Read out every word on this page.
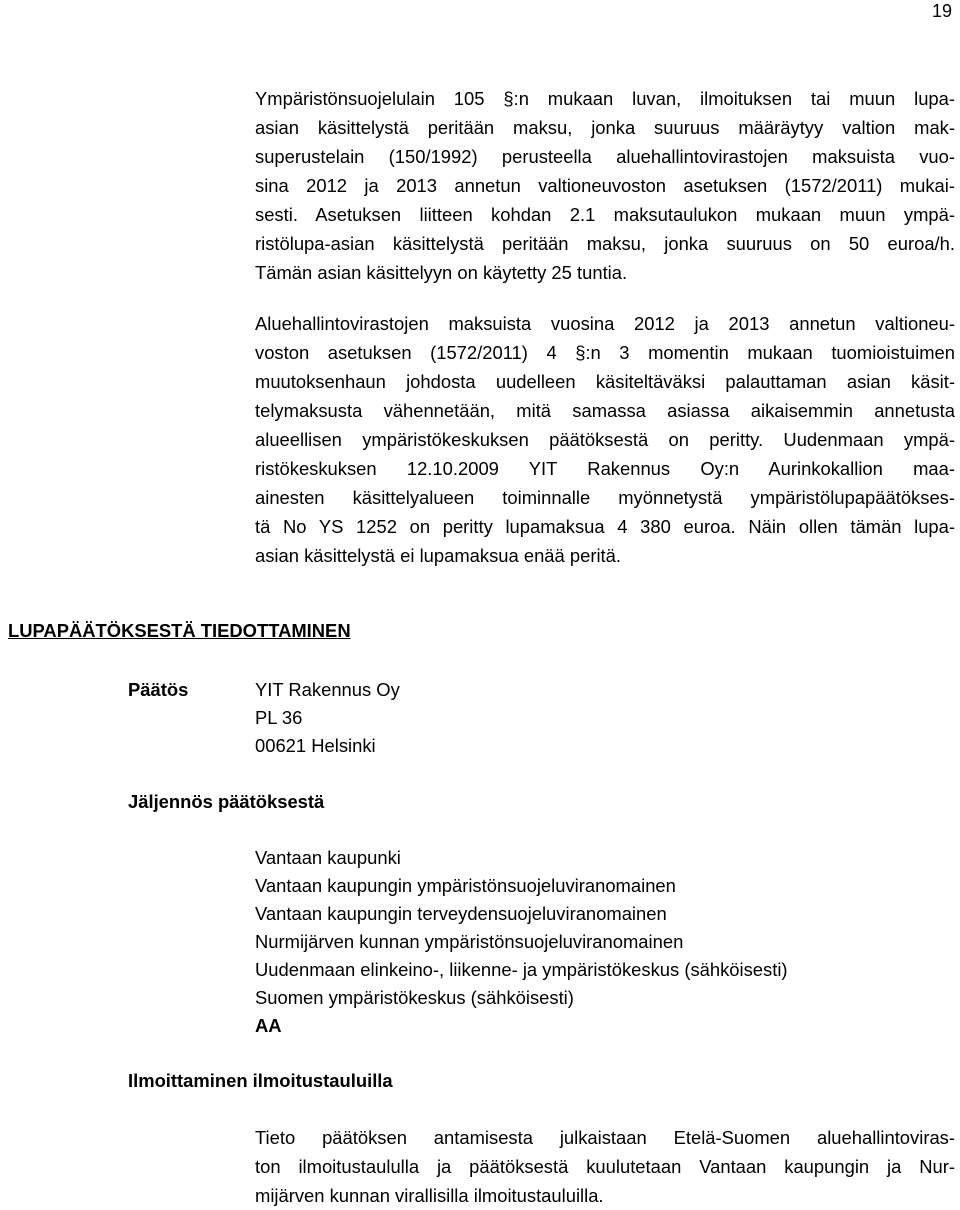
19
Ympäristönsuojelulain 105 §:n mukaan luvan, ilmoituksen tai muun lupa-
asian käsittelystä peritään maksu, jonka suuruus määräytyy valtion mak-
superustelain (150/1992) perusteella aluehallintovirastojen maksuista vuo-
sina 2012 ja 2013 annetun valtioneuvoston asetuksen (1572/2011) mukai-
sesti. Asetuksen liitteen kohdan 2.1 maksutaulukon mukaan muun ympä-
ristölupa-asian käsittelystä peritään maksu, jonka suuruus on 50 euroa/h.
Tämän asian käsittelyyn on käytetty 25 tuntia.
Aluehallintovirastojen maksuista vuosina 2012 ja 2013 annetun valtioneu-
voston asetuksen (1572/2011) 4 §:n 3 momentin mukaan tuomioistuimen
muutoksenhaun johdosta uudelleen käsiteltäväksi palauttaman asian käsit-
telymaksusta vähennetään, mitä samassa asiassa aikaisemmin annetusta
alueellisen ympäristökeskuksen päätöksestä on peritty. Uudenmaan ympä-
ristökeskuksen 12.10.2009 YIT Rakennus Oy:n Aurinkokallion maa-
ainesten käsittelyalueen toiminnalle myönnetystä ympäristölupapäätökses-
tä No YS 1252 on peritty lupamaksua 4 380 euroa. Näin ollen tämän lupa-
asian käsittelystä ei lupamaksua enää peritä.
LUPAPÄÄTÖKSESTÄ TIEDOTTAMINEN
Päätös	YIT Rakennus Oy
PL 36
00621 Helsinki
Jäljennös päätöksestä
Vantaan kaupunki
Vantaan kaupungin ympäristönsuojeluviranomainen
Vantaan kaupungin terveydensuojeluviranomainen
Nurmijärven kunnan ympäristönsuojeluviranomainen
Uudenmaan elinkeino-, liikenne- ja ympäristökeskus (sähköisesti)
Suomen ympäristökeskus (sähköisesti)
AA
Ilmoittaminen ilmoitustauluilla
Tieto päätöksen antamisesta julkaistaan Etelä-Suomen aluehallintoviras-
ton ilmoitustaululla ja päätöksestä kuulutetaan Vantaan kaupungin ja Nur-
mijärven kunnan virallisilla ilmoitustauluilla.
